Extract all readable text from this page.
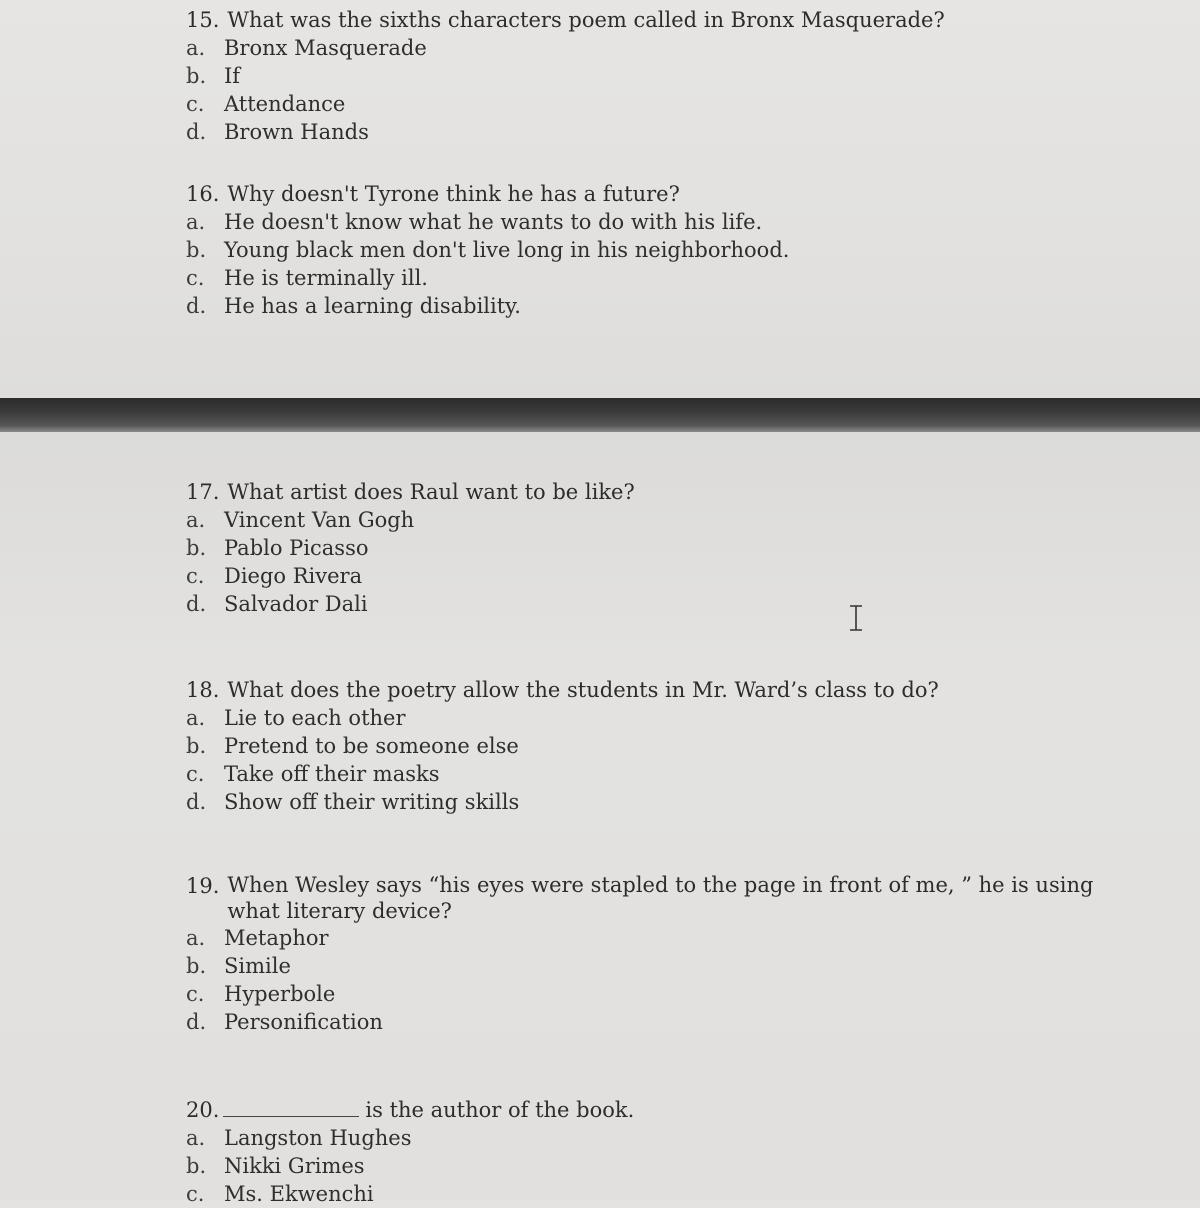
15. What was the sixths characters poem called in Bronx Masquerade?
a. Bronx Masquerade
b. If
c. Attendance
d. Brown Hands
16. Why doesn't Tyrone think he has a future?
a. He doesn't know what he wants to do with his life.
b. Young black men don't live long in his neighborhood.
c. He is terminally ill.
d. He has a learning disability.
17. What artist does Raul want to be like?
a. Vincent Van Gogh
b. Pablo Picasso
c. Diego Rivera
d. Salvador Dali
18. What does the poetry allow the students in Mr. Ward’s class to do?
a. Lie to each other
b. Pretend to be someone else
c. Take off their masks
d. Show off their writing skills
19. When Wesley says “his eyes were stapled to the page in front of me, ” he is using what literary device?
a. Metaphor
b. Simile
c. Hyperbole
d. Personification
20.	is the author of the book.
a. Langston Hughes
b. Nikki Grimes
c. Ms. Ekwenchi
